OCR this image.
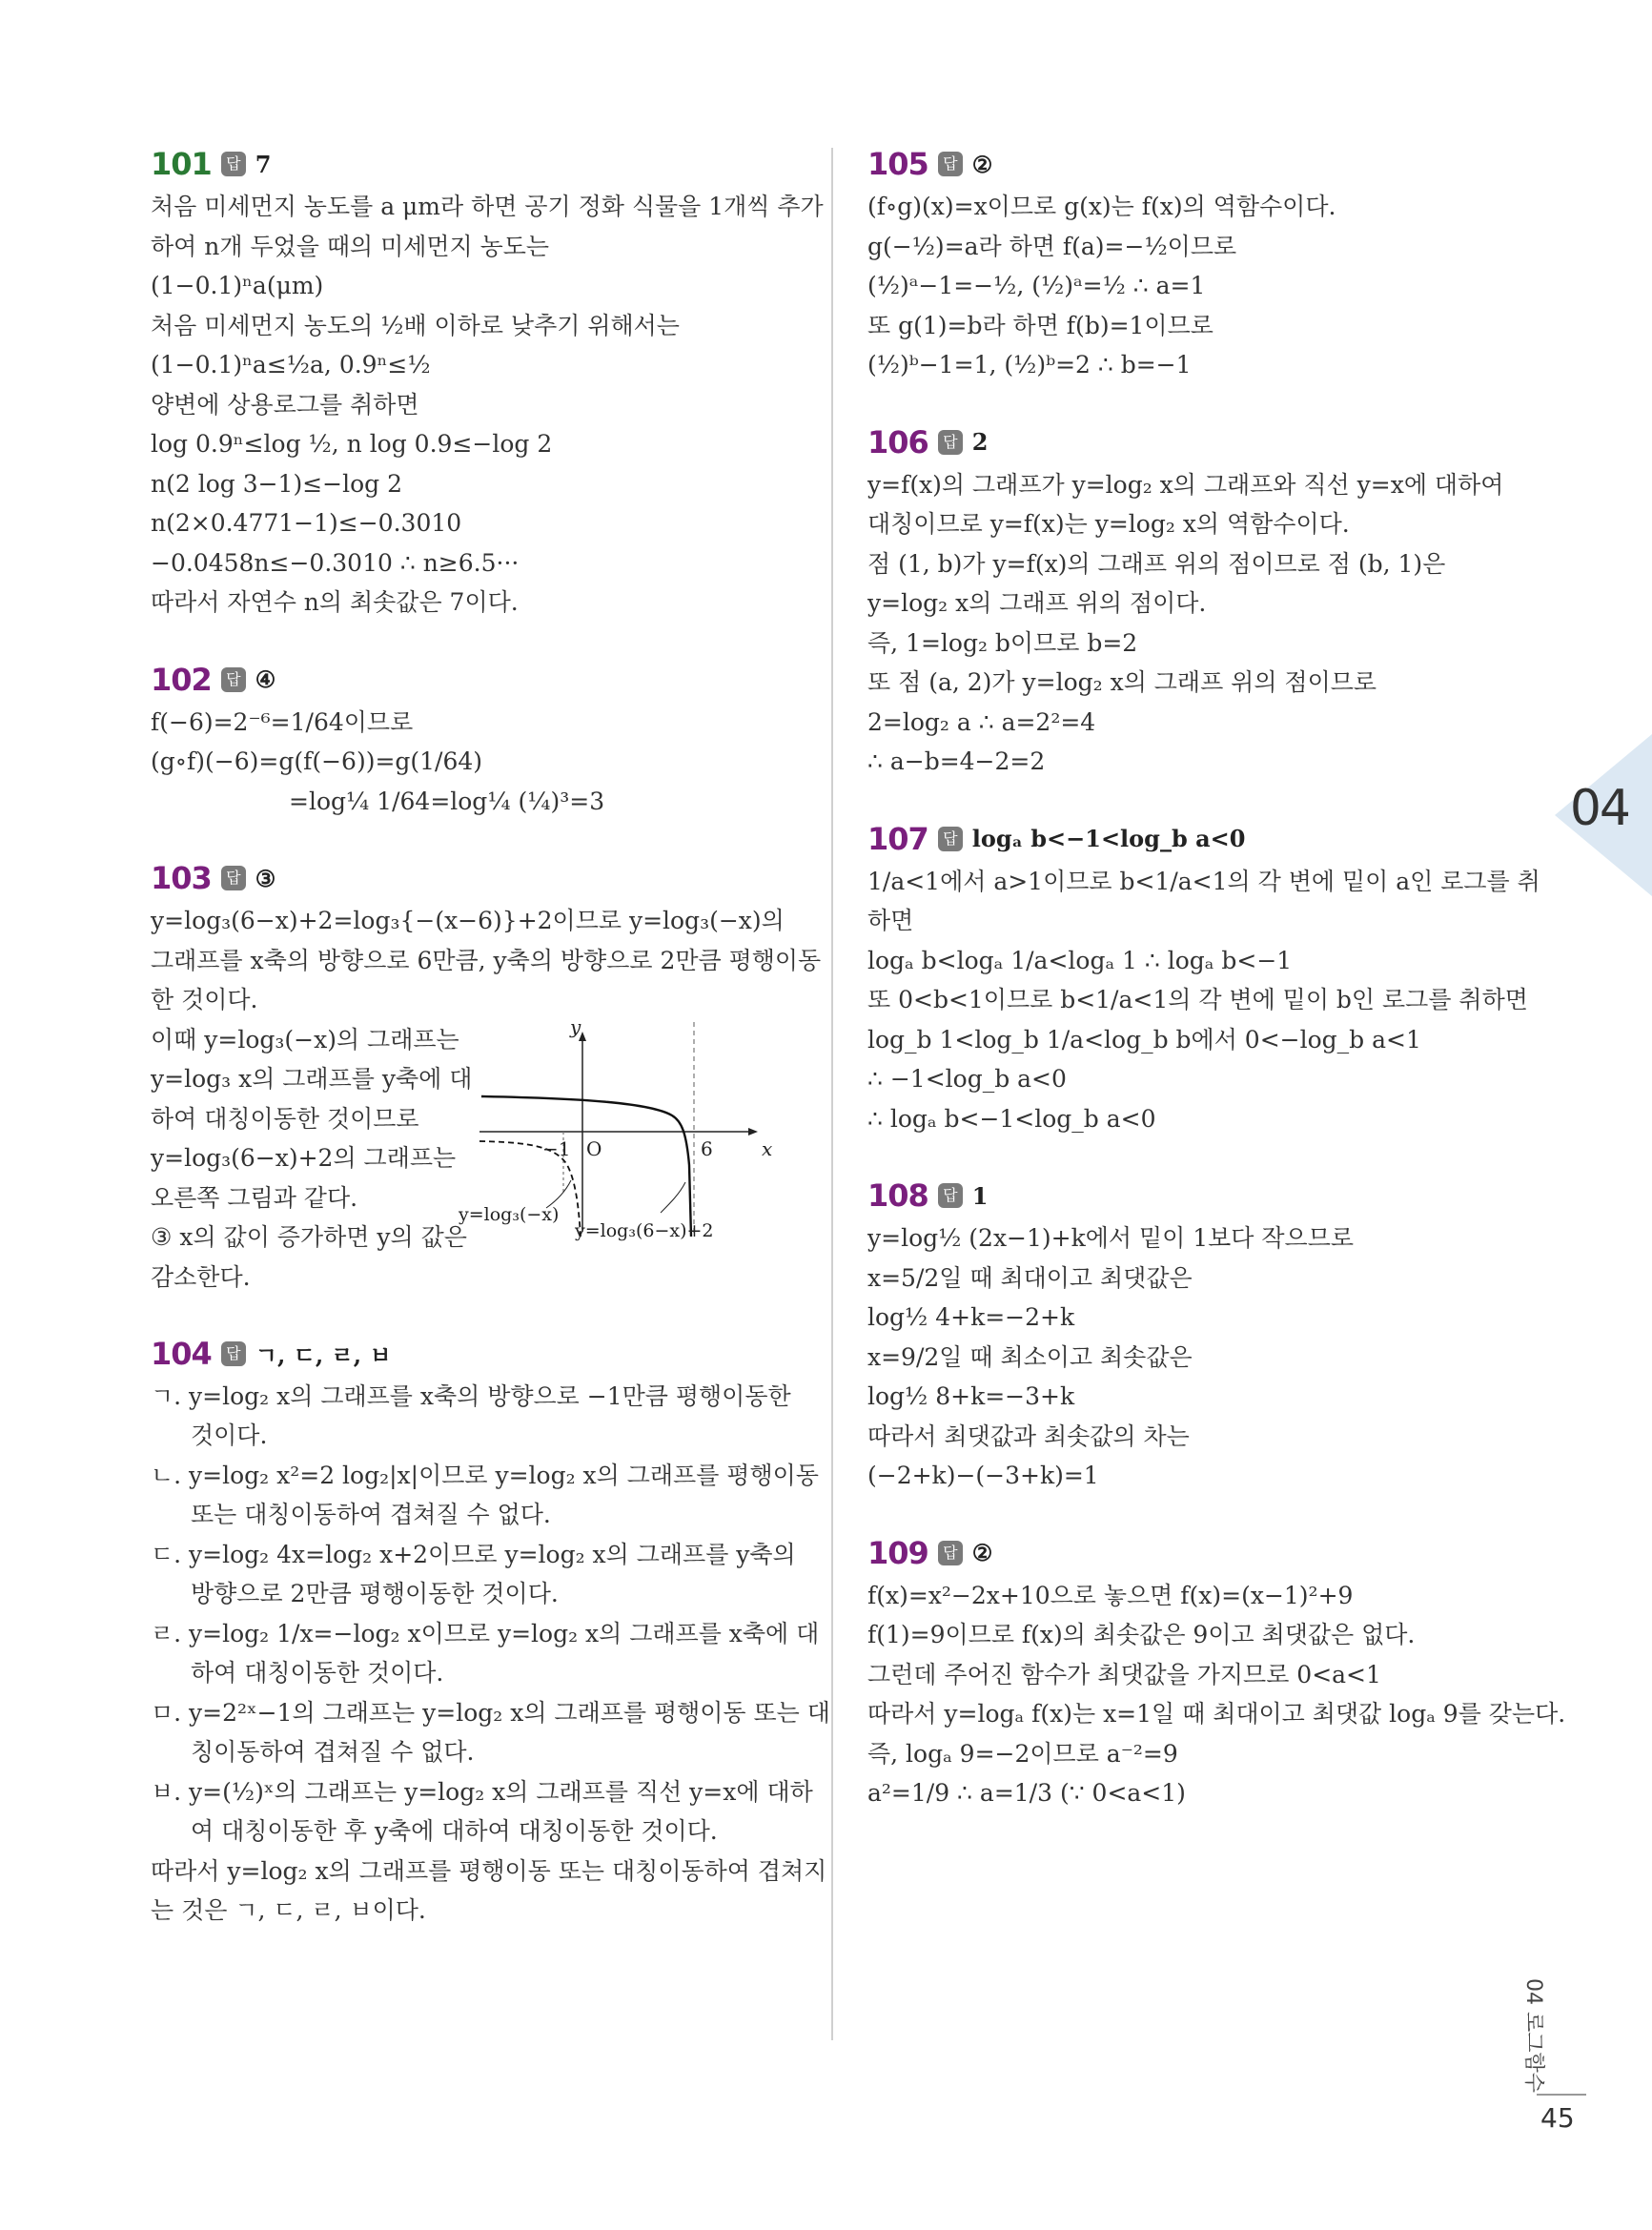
101 답 7
처음 미세먼지 농도를 a μm라 하면 공기 정화 식물을 1개씩 추가
하여 n개 두었을 때의 미세먼지 농도는
(1−0.1)ⁿa(μm)
처음 미세먼지 농도의 ½배 이하로 낮추기 위해서는
(1−0.1)ⁿa≤½a, 0.9ⁿ≤½
양변에 상용로그를 취하면
log 0.9ⁿ≤log ½, n log 0.9≤−log 2
n(2 log 3−1)≤−log 2
n(2×0.4771−1)≤−0.3010
−0.0458n≤−0.3010 ∴ n≥6.5···
따라서 자연수 n의 최솟값은 7이다.
102 답 ④
f(−6)=2⁻⁶=1/64이므로
(g∘f)(−6)=g(f(−6))=g(1/64)
=log¼ 1/64=log¼ (¼)³=3
103 답 ③
y=log₃(6−x)+2=log₃{−(x−6)}+2이므로 y=log₃(−x)의
그래프를 x축의 방향으로 6만큼, y축의 방향으로 2만큼 평행이동
한 것이다.
이때 y=log₃(−x)의 그래프는
y=log₃ x의 그래프를 y축에 대
하여 대칭이동한 것이므로
y=log₃(6−x)+2의 그래프는
오른쪽 그림과 같다.
③ x의 값이 증가하면 y의 값은
감소한다.
y
x
O
−1	6
y=log₃(−x)
y=log₃(6−x)+2
104 답 ㄱ, ㄷ, ㄹ, ㅂ
ㄱ. y=log₂ x의 그래프를 x축의 방향으로 −1만큼 평행이동한
것이다.
ㄴ. y=log₂ x²=2 log₂|x|이므로 y=log₂ x의 그래프를 평행이동
또는 대칭이동하여 겹쳐질 수 없다.
ㄷ. y=log₂ 4x=log₂ x+2이므로 y=log₂ x의 그래프를 y축의
방향으로 2만큼 평행이동한 것이다.
ㄹ. y=log₂ 1/x=−log₂ x이므로 y=log₂ x의 그래프를 x축에 대
하여 대칭이동한 것이다.
ㅁ. y=2²ˣ−1의 그래프는 y=log₂ x의 그래프를 평행이동 또는 대
칭이동하여 겹쳐질 수 없다.
ㅂ. y=(½)ˣ의 그래프는 y=log₂ x의 그래프를 직선 y=x에 대하
여 대칭이동한 후 y축에 대하여 대칭이동한 것이다.
따라서 y=log₂ x의 그래프를 평행이동 또는 대칭이동하여 겹쳐지
는 것은 ㄱ, ㄷ, ㄹ, ㅂ이다.
105 답 ②
(f∘g)(x)=x이므로 g(x)는 f(x)의 역함수이다.
g(−½)=a라 하면 f(a)=−½이므로
(½)ᵃ−1=−½, (½)ᵃ=½ ∴ a=1
또 g(1)=b라 하면 f(b)=1이므로
(½)ᵇ−1=1, (½)ᵇ=2 ∴ b=−1
106 답 2
y=f(x)의 그래프가 y=log₂ x의 그래프와 직선 y=x에 대하여
대칭이므로 y=f(x)는 y=log₂ x의 역함수이다.
점 (1, b)가 y=f(x)의 그래프 위의 점이므로 점 (b, 1)은
y=log₂ x의 그래프 위의 점이다.
즉, 1=log₂ b이므로 b=2
또 점 (a, 2)가 y=log₂ x의 그래프 위의 점이므로
2=log₂ a ∴ a=2²=4
∴ a−b=4−2=2
107 답 logₐ b<−1<log_b a<0
1/a<1에서 a>1이므로 b<1/a<1의 각 변에 밑이 a인 로그를 취
하면
logₐ b<logₐ 1/a<logₐ 1 ∴ logₐ b<−1
또 0<b<1이므로 b<1/a<1의 각 변에 밑이 b인 로그를 취하면
log_b 1<log_b 1/a<log_b b에서 0<−log_b a<1
∴ −1<log_b a<0
∴ logₐ b<−1<log_b a<0
108 답 1
y=log½ (2x−1)+k에서 밑이 1보다 작으므로
x=5/2일 때 최대이고 최댓값은
log½ 4+k=−2+k
x=9/2일 때 최소이고 최솟값은
log½ 8+k=−3+k
따라서 최댓값과 최솟값의 차는
(−2+k)−(−3+k)=1
109 답 ②
f(x)=x²−2x+10으로 놓으면 f(x)=(x−1)²+9
f(1)=9이므로 f(x)의 최솟값은 9이고 최댓값은 없다.
그런데 주어진 함수가 최댓값을 가지므로 0<a<1
따라서 y=logₐ f(x)는 x=1일 때 최대이고 최댓값 logₐ 9를 갖는다.
즉, logₐ 9=−2이므로 a⁻²=9
a²=1/9 ∴ a=1/3 (∵ 0<a<1)
04
04 로그함수
45
